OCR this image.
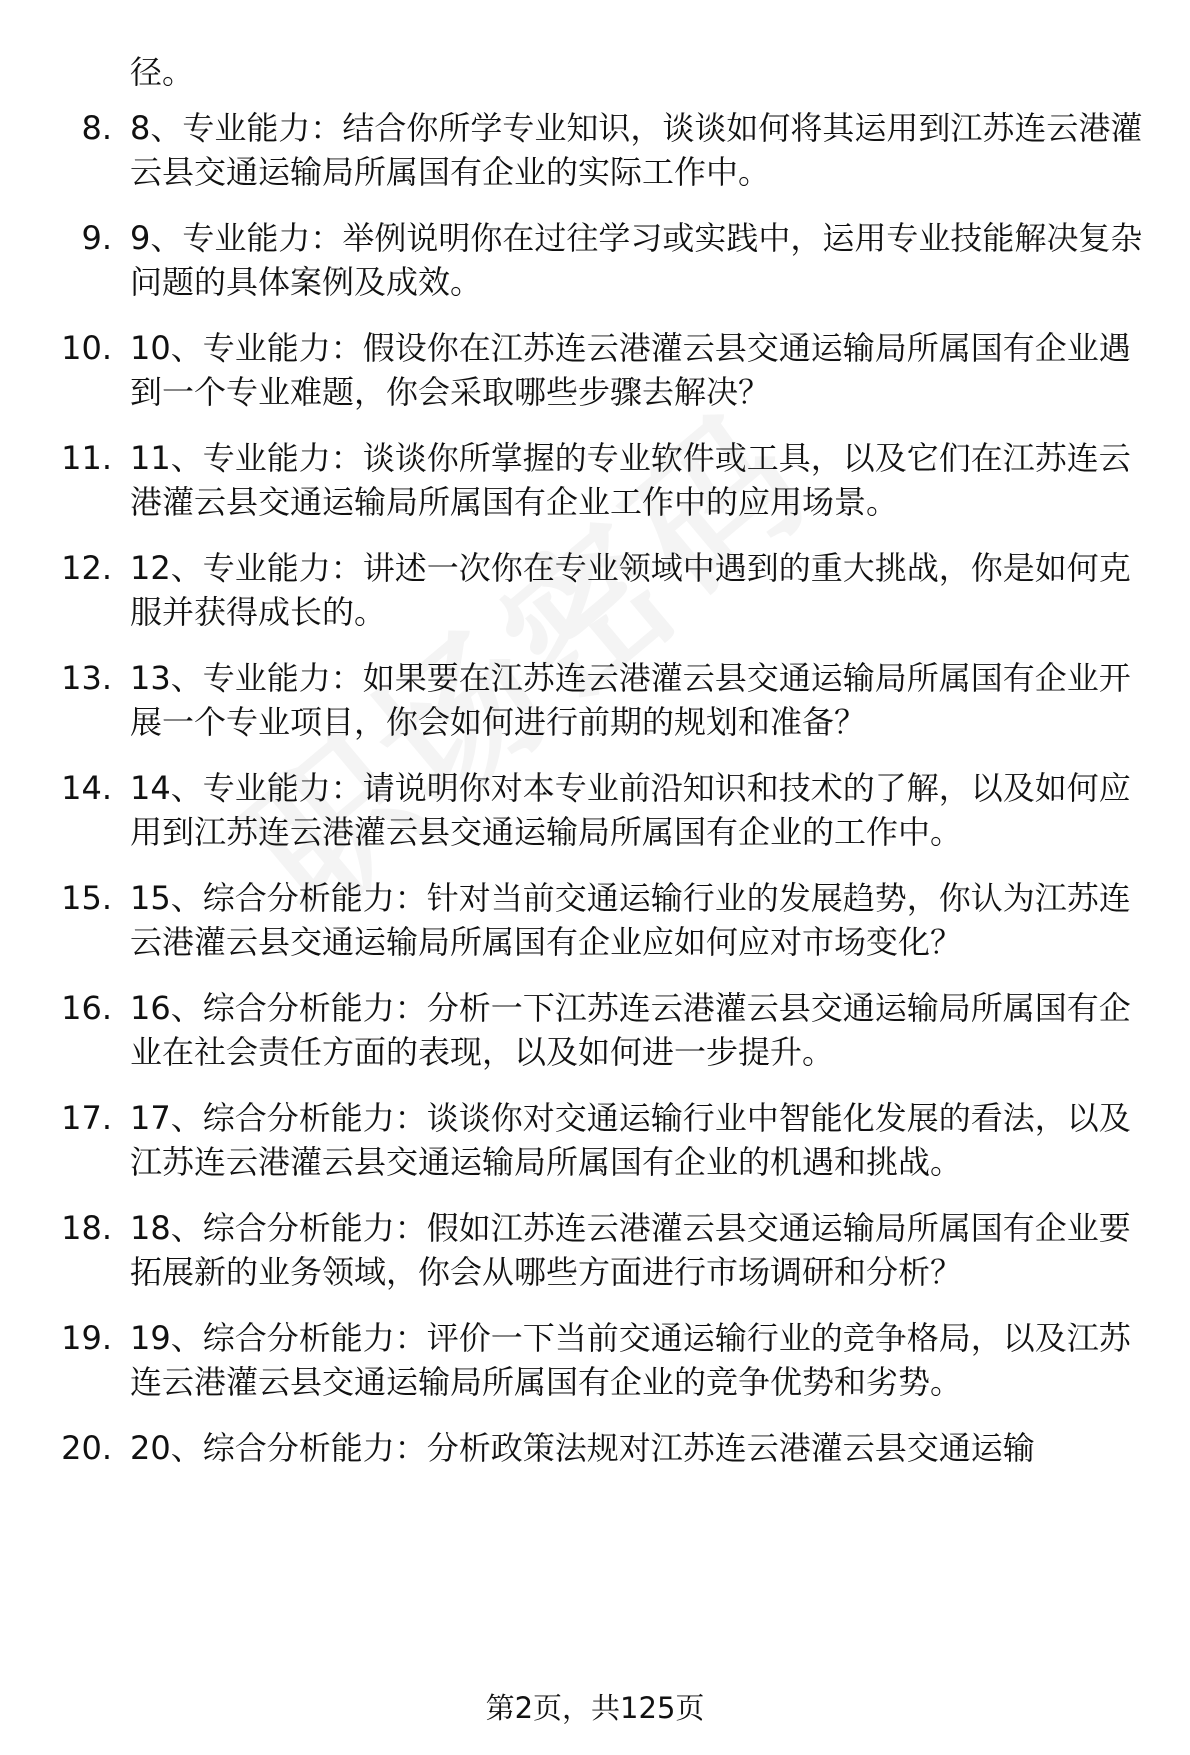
径。
8. 8、专业能力：结合你所学专业知识，谈谈如何将其运用到江苏连云港灌云县交通运输局所属国有企业的实际工作中。
9. 9、专业能力：举例说明你在过往学习或实践中，运用专业技能解决复杂问题的具体案例及成效。
10. 10、专业能力：假设你在江苏连云港灌云县交通运输局所属国有企业遇到一个专业难题，你会采取哪些步骤去解决？
11. 11、专业能力：谈谈你所掌握的专业软件或工具，以及它们在江苏连云港灌云县交通运输局所属国有企业工作中的应用场景。
12. 12、专业能力：讲述一次你在专业领域中遇到的重大挑战，你是如何克服并获得成长的。
13. 13、专业能力：如果要在江苏连云港灌云县交通运输局所属国有企业开展一个专业项目，你会如何进行前期的规划和准备？
14. 14、专业能力：请说明你对本专业前沿知识和技术的了解，以及如何应用到江苏连云港灌云县交通运输局所属国有企业的工作中。
15. 15、综合分析能力：针对当前交通运输行业的发展趋势，你认为江苏连云港灌云县交通运输局所属国有企业应如何应对市场变化？
16. 16、综合分析能力：分析一下江苏连云港灌云县交通运输局所属国有企业在社会责任方面的表现，以及如何进一步提升。
17. 17、综合分析能力：谈谈你对交通运输行业中智能化发展的看法，以及江苏连云港灌云县交通运输局所属国有企业的机遇和挑战。
18. 18、综合分析能力：假如江苏连云港灌云县交通运输局所属国有企业要拓展新的业务领域，你会从哪些方面进行市场调研和分析？
19. 19、综合分析能力：评价一下当前交通运输行业的竞争格局，以及江苏连云港灌云县交通运输局所属国有企业的竞争优势和劣势。
20. 20、综合分析能力：分析政策法规对江苏连云港灌云县交通运输
第2页，共125页
